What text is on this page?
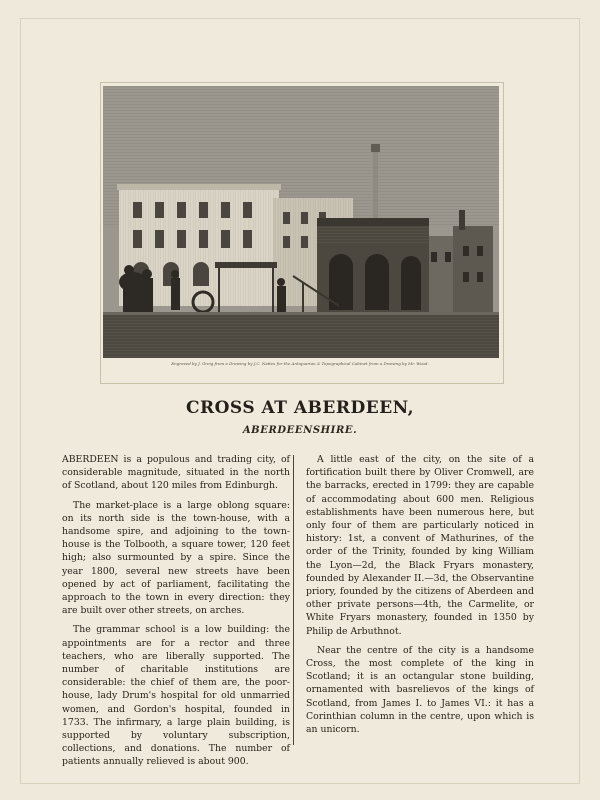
Engraved by J. Greig from a Drawing by J.C. Nattes for the Antiquarian & Topographical Cabinet from a Drawing by Mr. Wood.
CROSS AT ABERDEEN,
ABERDEENSHIRE.

ABERDEEN is a populous and trading city, of considerable magnitude, situated in the north of Scotland, about 120 miles from Edinburgh.

The market-place is a large oblong square: on its north side is the town-house, with a handsome spire, and adjoining to the town-house is the Tolbooth, a square tower, 120 feet high; also surmounted by a spire. Since the year 1800, several new streets have been opened by act of parliament, facilitating the approach to the town in every direction: they are built over other streets, on arches.

The grammar school is a low building: the appointments are for a rector and three teachers, who are liberally supported. The number of charitable institutions are considerable: the chief of them are, the poor-house, lady Drum's hospital for old unmarried women, and Gordon's hospital, founded in 1733. The infirmary, a large plain building, is supported by voluntary subscription, collections, and donations. The number of patients annually relieved is about 900.

A little east of the city, on the site of a fortification built there by Oliver Cromwell, are the barracks, erected in 1799: they are capable of accommodating about 600 men. Religious establishments have been numerous here, but only four of them are particularly noticed in history: 1st, a convent of Mathurines, of the order of the Trinity, founded by king William the Lyon—2d, the Black Fryars monastery, founded by Alexander II.—3d, the Observantine priory, founded by the citizens of Aberdeen and other private persons—4th, the Carmelite, or White Fryars monastery, founded in 1350 by Philip de Arbuthnot.

Near the centre of the city is a handsome Cross, the most complete of the king in Scotland; it is an octangular stone building, ornamented with basrelievos of the kings of Scotland, from James I. to James VI.: it has a Corinthian column in the centre, upon which is an unicorn.
